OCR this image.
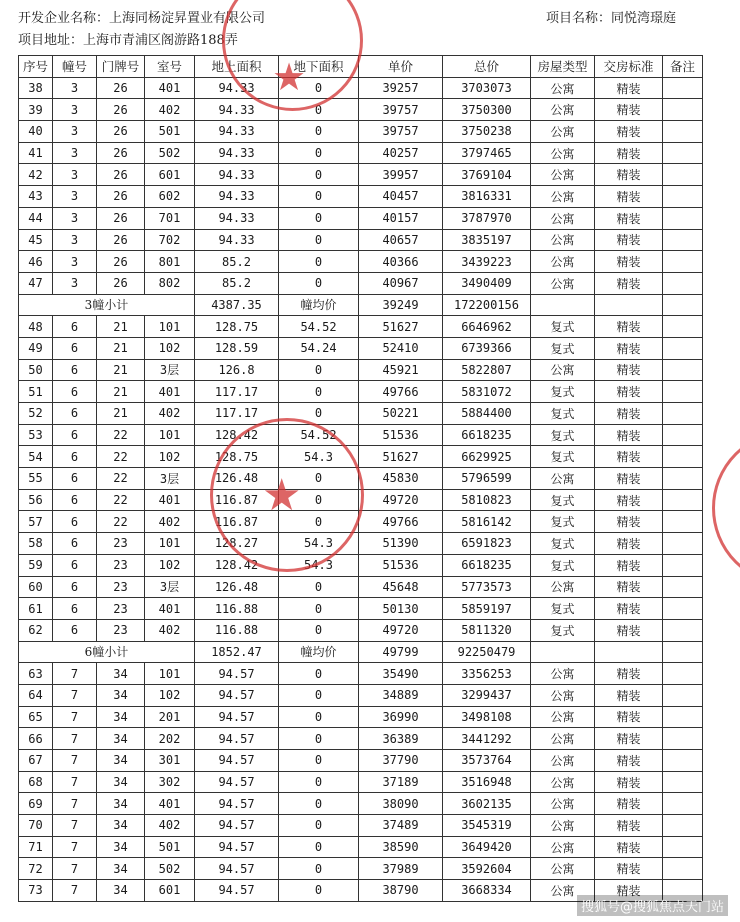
开发企业名称：上海同杨淀昇置业有限公司	项目名称：同悦湾璟庭
项目地址：上海市青浦区阁游路188弄
序号	幢号	门牌号	室号	地上面积	地下面积	单价	总价	房屋类型	交房标准	备注
38	3	26	401	94.33	0	39257	3703073	公寓	精装	
39	3	26	402	94.33	0	39757	3750300	公寓	精装	
40	3	26	501	94.33	0	39757	3750238	公寓	精装	
41	3	26	502	94.33	0	40257	3797465	公寓	精装	
42	3	26	601	94.33	0	39957	3769104	公寓	精装	
43	3	26	602	94.33	0	40457	3816331	公寓	精装	
44	3	26	701	94.33	0	40157	3787970	公寓	精装	
45	3	26	702	94.33	0	40657	3835197	公寓	精装	
46	3	26	801	85.2	0	40366	3439223	公寓	精装	
47	3	26	802	85.2	0	40967	3490409	公寓	精装	
3幢小计				4387.35	幢均价	39249	172200156			
48	6	21	101	128.75	54.52	51627	6646962	复式	精装	
49	6	21	102	128.59	54.24	52410	6739366	复式	精装	
50	6	21	3层	126.8	0	45921	5822807	公寓	精装	
51	6	21	401	117.17	0	49766	5831072	复式	精装	
52	6	21	402	117.17	0	50221	5884400	复式	精装	
53	6	22	101	128.42	54.52	51536	6618235	复式	精装	
54	6	22	102	128.75	54.3	51627	6629925	复式	精装	
55	6	22	3层	126.48	0	45830	5796599	公寓	精装	
56	6	22	401	116.87	0	49720	5810823	复式	精装	
57	6	22	402	116.87	0	49766	5816142	复式	精装	
58	6	23	101	128.27	54.3	51390	6591823	复式	精装	
59	6	23	102	128.42	54.3	51536	6618235	复式	精装	
60	6	23	3层	126.48	0	45648	5773573	公寓	精装	
61	6	23	401	116.88	0	50130	5859197	复式	精装	
62	6	23	402	116.88	0	49720	5811320	复式	精装	
6幢小计				1852.47	幢均价	49799	92250479			
63	7	34	101	94.57	0	35490	3356253	公寓	精装	
64	7	34	102	94.57	0	34889	3299437	公寓	精装	
65	7	34	201	94.57	0	36990	3498108	公寓	精装	
66	7	34	202	94.57	0	36389	3441292	公寓	精装	
67	7	34	301	94.57	0	37790	3573764	公寓	精装	
68	7	34	302	94.57	0	37189	3516948	公寓	精装	
69	7	34	401	94.57	0	38090	3602135	公寓	精装	
70	7	34	402	94.57	0	37489	3545319	公寓	精装	
71	7	34	501	94.57	0	38590	3649420	公寓	精装	
72	7	34	502	94.57	0	37989	3592604	公寓	精装	
73	7	34	601	94.57	0	38790	3668334	公寓	精装	
★
★
搜狐号@搜狐焦点天门站
